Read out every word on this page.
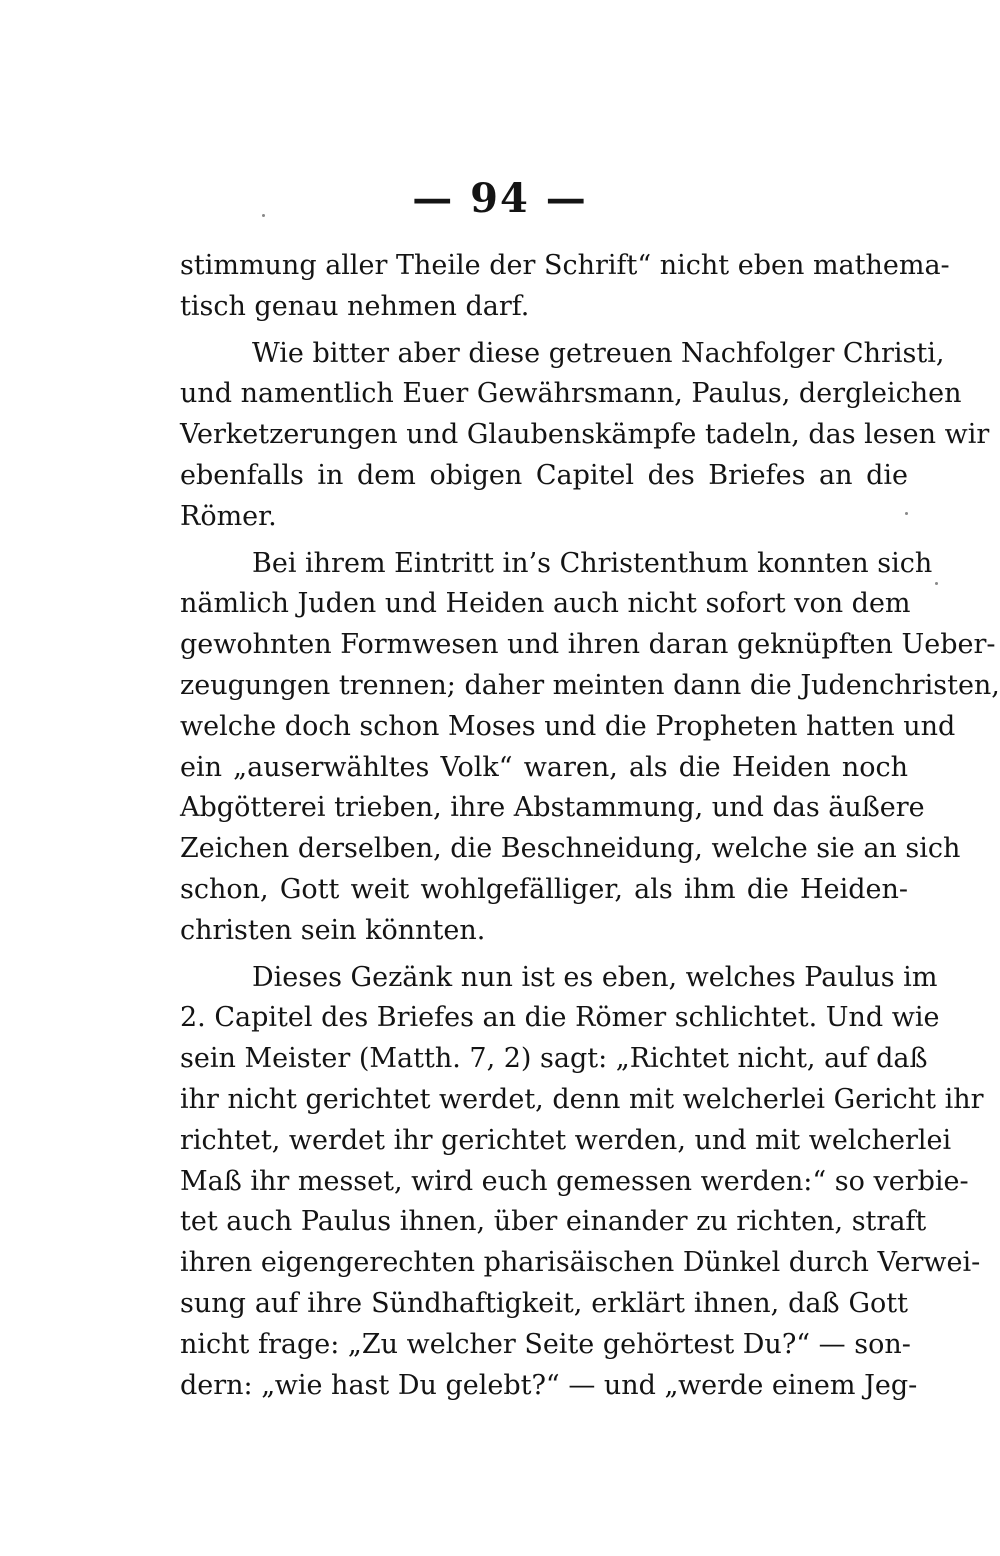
— 94 —
stimmung aller Theile der Schrift“ nicht eben mathema-
tisch genau nehmen darf.
Wie bitter aber diese getreuen Nachfolger Christi,
und namentlich Euer Gewährsmann, Paulus, dergleichen
Verketzerungen und Glaubenskämpfe tadeln, das lesen wir
ebenfalls in dem obigen Capitel des Briefes an die
Römer.
Bei ihrem Eintritt in’s Christenthum konnten sich
nämlich Juden und Heiden auch nicht sofort von dem
gewohnten Formwesen und ihren daran geknüpften Ueber-
zeugungen trennen; daher meinten dann die Judenchristen,
welche doch schon Moses und die Propheten hatten und
ein „auserwähltes Volk“ waren, als die Heiden noch
Abgötterei trieben, ihre Abstammung, und das äußere
Zeichen derselben, die Beschneidung, welche sie an sich
schon, Gott weit wohlgefälliger, als ihm die Heiden-
christen sein könnten.
Dieses Gezänk nun ist es eben, welches Paulus im
2. Capitel des Briefes an die Römer schlichtet. Und wie
sein Meister (Matth. 7, 2) sagt: „Richtet nicht, auf daß
ihr nicht gerichtet werdet, denn mit welcherlei Gericht ihr
richtet, werdet ihr gerichtet werden, und mit welcherlei
Maß ihr messet, wird euch gemessen werden:“ so verbie-
tet auch Paulus ihnen, über einander zu richten, straft
ihren eigengerechten pharisäischen Dünkel durch Verwei-
sung auf ihre Sündhaftigkeit, erklärt ihnen, daß Gott
nicht frage: „Zu welcher Seite gehörtest Du?“ — son-
dern: „wie hast Du gelebt?“ — und „werde einem Jeg-
